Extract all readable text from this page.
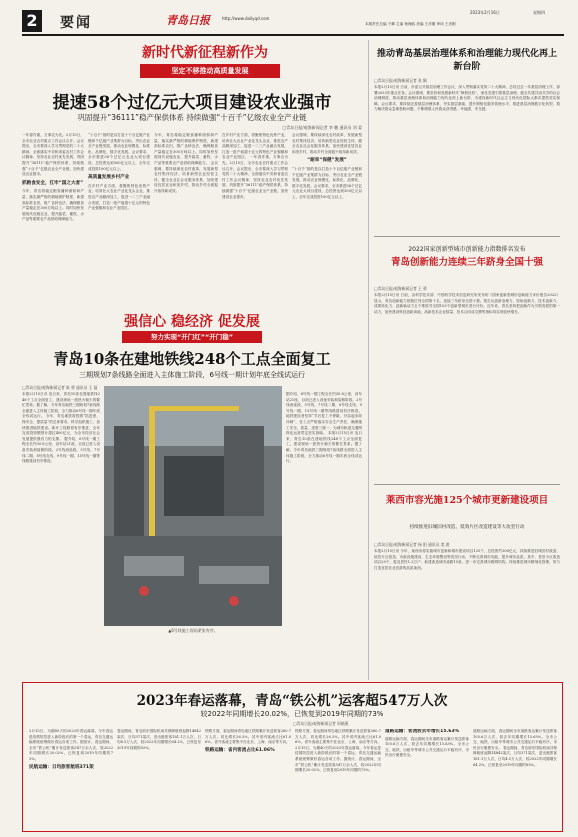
2	要闻	青岛日报	http://www.dailyqd.com
2023年2月16日	星期四
本版责任总编 于卿 主编 杨海鸥 美编 王彦刚 审读 王彦刚
新时代新征程新作为
坚定不移推动高质量发展
提速58个过亿元大项目建设农业强市
巩固提升“36111”稳产保供体系 持续做强“十百千”亿级农业全产业链
□青岛日报/观海新闻记者 李 鹏 通讯员 刘 姜
一年春作重，万事农为先。2月15日，全市农业农村重点工作会议召开。会议提出，全市要深入学习贯彻党的二十大精神，全面落实中央和省委农村工作会议精神，坚持农业农村优先发展，巩固提升“36111”稳产保供体系，持续做强“十百千”亿级农业全产业链，加快建设农业强市。
抓粮食安全，扛牢“国之大者”
今年，青岛将稳定粮食播种面积和产量，落实最严格的耕地保护制度，新建高标准农田，推广良种良法，确保粮食产量稳定在300万吨以上。同时加快发展现代设施农业，提升蔬菜、畜牧、水产品等重要农产品供给保障能力。
“十百千”指的是以打造十个百亿级产业链和千亿级产业集群为目标，突出农业全产业链发展，推动农业规模化、标准化、品牌化、数字化发展。会议要求，全市推进58个过亿元农业大项目建设，总投资达到300亿元以上，全年完成投资100亿元以上。
高质量发展乡村产业
在乡村产业方面，将聚焦特色优势产业，培育壮大农业产业化龙头企业，推进农产品精深加工，促进一二三产业融合发展，打造一批产值超十亿元的特色产业强镇和农业产业园区。
今年，青岛将稳定粮食播种面积和产量，落实最严格的耕地保护制度，新建高标准农田，推广良种良法，确保粮食产量稳定在300万吨以上。同时加快发展现代设施农业，提升蔬菜、畜牧、水产品等重要农产品供给保障能力。 会议强调，要持续深化农村改革，发展新型农村集体经济，培育新型农业经营主体，健全农业社会化服务体系，加快建设宜居宜业和美乡村，推动乡村全面振兴取得新成效。
在乡村产业方面，将聚焦特色优势产业，培育壮大农业产业化龙头企业，推进农产品精深加工，促进一二三产业融合发展，打造一批产值超十亿元的特色产业强镇和农业产业园区。 一年春作重，万事农为先。2月15日，全市农业农村重点工作会议召开。会议提出，全市要深入学习贯彻党的二十大精神，全面落实中央和省委农村工作会议精神，坚持农业农村优先发展，巩固提升“36111”稳产保供体系，持续做强“十百千”亿级农业全产业链，加快建设农业强市。
会议强调，要持续深化农村改革，发展新型农村集体经济，培育新型农业经营主体，健全农业社会化服务体系，加快建设宜居宜业和美乡村，推动乡村全面振兴取得新成效。
“耐旱“保健”发展”
“十百千”指的是以打造十个百亿级产业链和千亿级产业集群为目标，突出农业全产业链发展，推动农业规模化、标准化、品牌化、数字化发展。会议要求，全市推进58个过亿元农业大项目建设，总投资达到300亿元以上，全年完成投资100亿元以上。
强信心 稳经济 促发展
努力实现“开门红”“开门稳”
青岛10条在建地铁线248个工点全面复工
三期规划7条线路全面进入主体施工阶段，6号线一期计划年底全线试运行
□青岛日报/观海新闻记者 陈 勇 通讯员 王 磊
本报2月15日讯 连日来，青岛10条在建地铁线248个工点全面复工，建设现场一派热火朝天的繁忙景象。据了解，今年青岛地铁三期规划7条线路全面进入主体施工阶段，全力推动6号线一期年底全线试运行。 今年，青岛地铁将按照“抓进度、保安全、提质量”的总体要求，科学组织施工，加快推进地铁建设。新开工线路将有序推进，全年完成投资额预计超过400亿元，为全市经济社会发展提供强有力的支撑。 据介绍，6号线一期工程全长约30.8公里，设车站21座，目前已进入设备安装和装修阶段。2号线西延段、5号线、7号线二期、8号线支线、9号线一期、15号线一期等线路建设有序推进。
▲6号线施工现场紧张有序。
据介绍，6号线一期工程全长约30.8公里，设车站21座，目前已进入设备安装和装修阶段。2号线西延段、5号线、7号线二期、8号线支线、9号线一期、15号线一期等线路建设有序推进。 地铁建设者坚持“节后复工不停歇、开局起步即冲刺”，各工点严格落实安全生产责任，确保施工安全、质量、进度三统一，为城市轨道交通网络化运营奠定坚实基础。 本报2月15日讯 连日来，青岛10条在建地铁线248个工点全面复工，建设现场一派热火朝天的繁忙景象。据了解，今年青岛地铁三期规划7条线路全面进入主体施工阶段，全力推动6号线一期年底全线试运行。
推动青岛基层治理体系和治理能力现代化再上新台阶
□青岛日报/观海新闻记者 张 颖
本报2月15日讯 日前，市委召开基层治理工作会议，深入贯彻落实党的二十大精神，总结过去一年基层治理工作，部署2023年重点任务。会议强调，要坚持和发展新时代“枫桥经验”，深化党建引领基层治理，健全共建共治共享的社会治理制度，推动基层治理体系和治理能力现代化再上新台阶，为建设新时代社会主义现代化国际大都市提供坚实保障。会议要求，要持续完善基层治理体系，夯实基层基础，提升网格化服务管理水平，推进基层治理数字化转型，着力解决群众急难愁盼问题，不断增强人民群众获得感、幸福感、安全感。
2022国家创新型城市创新能力指数排名发布
青岛创新能力连续三年跻身全国十强
□青岛日报/观海新闻记者 王 勇
本报2月15日讯 日前，由科学技术部、中国科学技术信息研究所发布的《国家创新型城市创新能力评价报告2022》显示，青岛创新能力指数位列全国第十名，连续三年跻身全国十强。报告从创新治理力、原始创新力、技术创新力、成果转化力、创新驱动力五个维度对全国103个创新型城市进行评价。近年来，青岛坚持把创新作为引领发展的第一动力，加快建设科技创新高地，高新技术企业数量、技术合同成交额等指标均实现较快增长。
莱西市容光施125个城市更新建设项目
持续推进旧城旧村改造、低效片区改造建设等大攻坚行动
□青岛日报/观海新闻记者 杨 阳 通讯员 栾 波
本报2月15日讯 今年，莱西市将实施城市更新和城市建设项目125个，总投资约300亿元，持续推进旧城旧村改造、低效片区改造、市政设施建设、生态环境整治等攻坚行动，不断完善城市功能，提升城市品质。其中，老旧小区改造项目20个，惠及居民1.2万户；新建改造城市道路15条，进一步完善城市路网结构，持续推进城市精细化管理，努力打造宜居宜业宜游的品质莱西。
2023年春运落幕，青岛“铁公机”运客超547万人次
较2022年同期增长20.02%，已恢复到2019年同期的73%
□青岛日报/观海新闻记者 周晓燕
2月15日，为期40天的2023年春运落幕。今年春运是疫情防控进入新阶段后的第一个春运，青岛交通运输系统统筹做好春运各项工作。据统计，春运期间，全市“铁公机”累计发送旅客547万余人次，较2022年同期增长20.02%，已恢复到2019年同期的73%。
民航运输：日均旅客航班371架
春运期间，青岛胶东国际机场共保障航班起降14842架次，日均371架次，进出港旅客181.1万人次，日均4.5万人次，较2022年同期增长64.2%，已恢复至2019年同期的83%。
铁路方面，春运期间青岛地区铁路累计发送旅客260.7万人次，同比增长26.3%。其中省内客流占比61.06%，省外客流主要集中在北京、上海、南京等方向。
铁路运输：省内客流占比61.06%
铁路方面，春运期间青岛地区铁路累计发送旅客260.7万人次，同比增长26.3%。其中省内客流占比61.06%，省外客流主要集中在北京、上海、南京等方向。 2月15日，为期40天的2023年春运落幕。今年春运是疫情防控进入新阶段后的第一个春运，青岛交通运输系统统筹做好春运各项工作。据统计，春运期间，全市“铁公机”累计发送旅客547万余人次，较2022年同期增长20.02%，已恢复到2019年同期的73%。
道路运输：客流较去年增长15.63%
道路运输方面，春运期间全市道路客运累计发送旅客105.6万人次，较去年同期增长15.63%。全市公交、地铁、出租车等城市公共交通运行平稳有序，市民出行便捷安全。
道路运输方面，春运期间全市道路客运累计发送旅客105.6万人次，较去年同期增长15.63%。全市公交、地铁、出租车等城市公共交通运行平稳有序，市民出行便捷安全。 春运期间，青岛胶东国际机场共保障航班起降14842架次，日均371架次，进出港旅客181.1万人次，日均4.5万人次，较2022年同期增长64.2%，已恢复至2019年同期的83%。
